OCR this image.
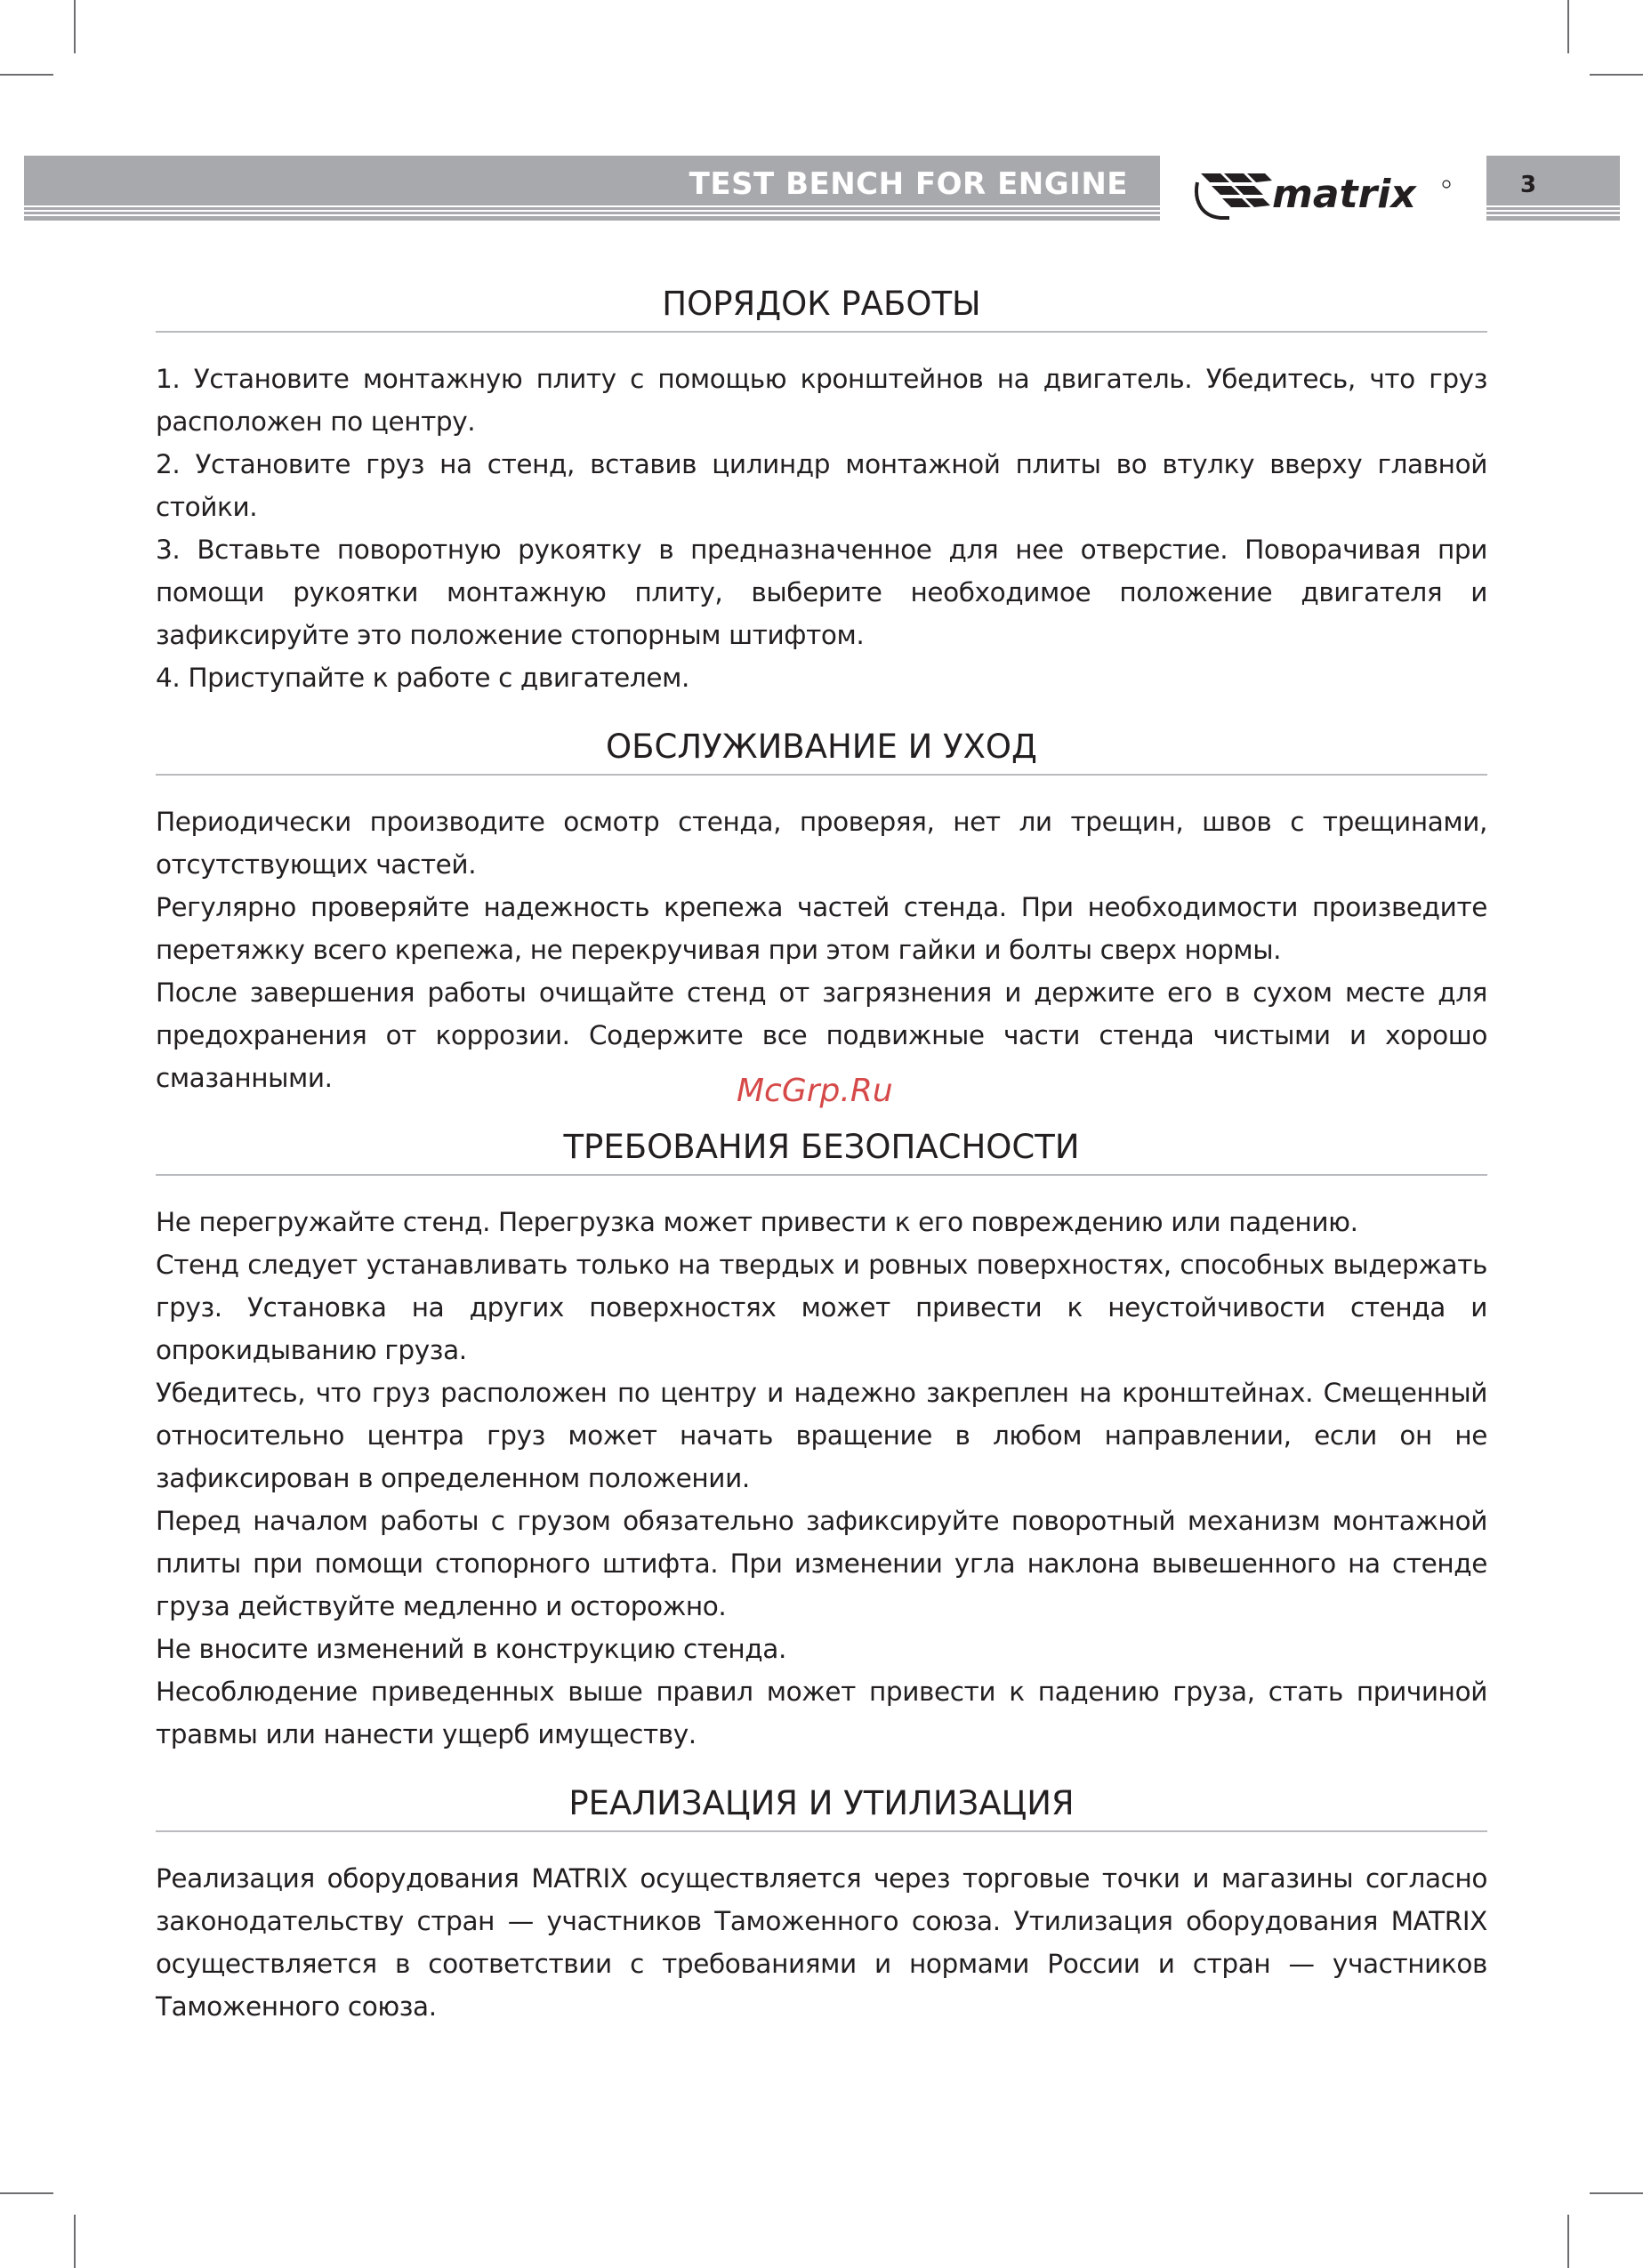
TEST BENCH FOR ENGINE	matrix	3
ПОРЯДОК РАБОТЫ

1. Установите монтажную плиту с помощью кронштейнов на двигатель. Убедитесь, что груз расположен по центру.

2. Установите груз на стенд, вставив цилиндр монтажной плиты во втулку вверху главной стойки.

3. Вставьте поворотную рукоятку в предназначенное для нее отверстие. Поворачивая при помощи рукоятки монтажную плиту, выберите необходимое положение двигателя и зафиксируйте это положение стопорным штифтом.

4. Приступайте к работе с двигателем.

ОБСЛУЖИВАНИЕ И УХОД

Периодически производите осмотр стенда, проверяя, нет ли трещин, швов с трещинами, отсутствующих частей.

Регулярно проверяйте надежность крепежа частей стенда. При необходимости произведите перетяжку всего крепежа, не перекручивая при этом гайки и болты сверх нормы.

После завершения работы очищайте стенд от загрязнения и держите его в сухом месте для предохранения от коррозии. Содержите все подвижные части стенда чистыми и хорошо смазанными.

ТРЕБОВАНИЯ БЕЗОПАСНОСТИ

Не перегружайте стенд. Перегрузка может привести к его повреждению или падению.

Стенд следует устанавливать только на твердых и ровных поверхностях, способных выдержать груз. Установка на других поверхностях может привести к неустойчивости стенда и опрокидыванию груза.

Убедитесь, что груз расположен по центру и надежно закреплен на кронштейнах. Смещенный относительно центра груз может начать вращение в любом направлении, если он не зафиксирован в определенном положении.

Перед началом работы с грузом обязательно зафиксируйте поворотный механизм монтажной плиты при помощи стопорного штифта. При изменении угла наклона вывешенного на стенде груза действуйте медленно и осторожно.

Не вносите изменений в конструкцию стенда.

Несоблюдение приведенных выше правил может привести к падению груза, стать причиной травмы или нанести ущерб имуществу.

РЕАЛИЗАЦИЯ И УТИЛИЗАЦИЯ

Реализация оборудования MATRIX осуществляется через торговые точки и магазины согласно законодательству стран — участников Таможенного союза. Утилизация оборудования MATRIX осуществляется в соответствии с требованиями и нормами России и стран — участников Таможенного союза.

McGrp.Ru
